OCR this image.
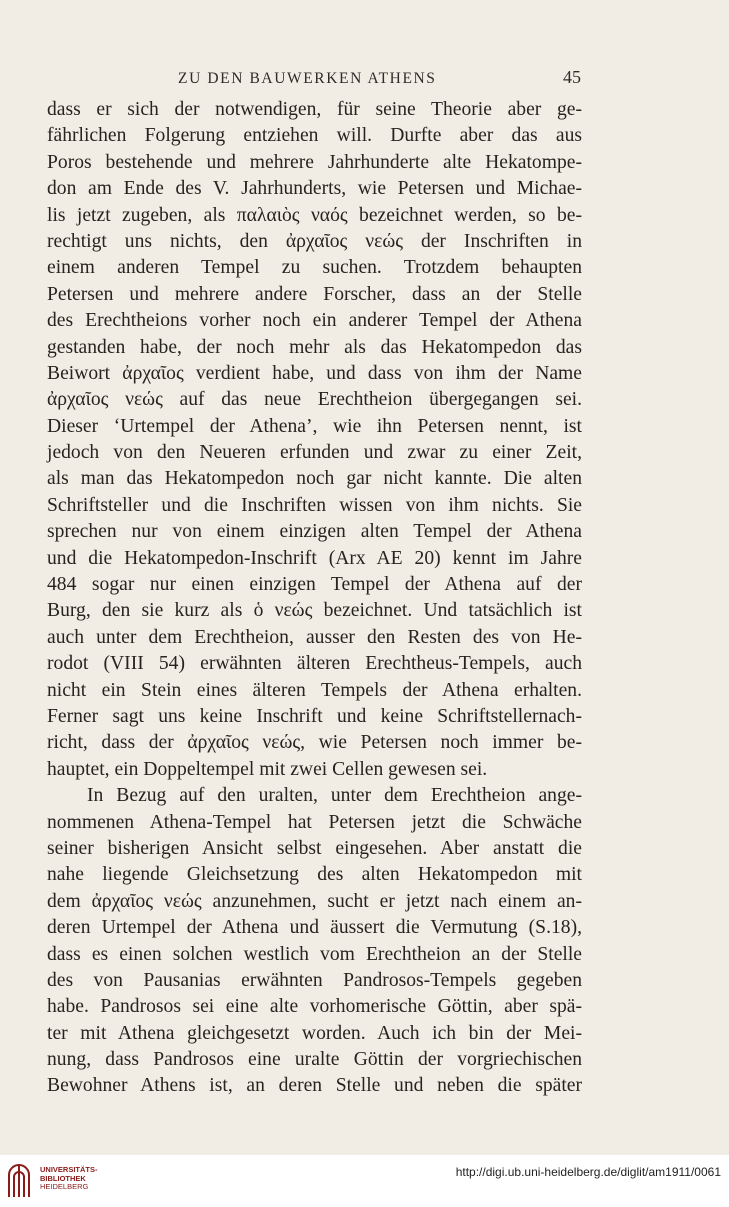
ZU DEN BAUWERKEN ATHENS	45
dass er sich der notwendigen, für seine Theorie aber ge-
fährlichen Folgerung entziehen will. Durfte aber das aus
Poros bestehende und mehrere Jahrhunderte alte Hekatompe-
don am Ende des V. Jahrhunderts, wie Petersen und Michae-
lis jetzt zugeben, als παλαιὸς ναός bezeichnet werden, so be-
rechtigt uns nichts, den ἀρχαῖος νεώς der Inschriften in
einem anderen Tempel zu suchen. Trotzdem behaupten
Petersen und mehrere andere Forscher, dass an der Stelle
des Erechtheions vorher noch ein anderer Tempel der Athena
gestanden habe, der noch mehr als das Hekatompedon das
Beiwort ἀρχαῖος verdient habe, und dass von ihm der Name
ἀρχαῖος νεώς auf das neue Erechtheion übergegangen sei.
Dieser ‘Urtempel der Athena’, wie ihn Petersen nennt, ist
jedoch von den Neueren erfunden und zwar zu einer Zeit,
als man das Hekatompedon noch gar nicht kannte. Die alten
Schriftsteller und die Inschriften wissen von ihm nichts. Sie
sprechen nur von einem einzigen alten Tempel der Athena
und die Hekatompedon-Inschrift (Arx AE 20) kennt im Jahre
484 sogar nur einen einzigen Tempel der Athena auf der
Burg, den sie kurz als ὁ νεώς bezeichnet. Und tatsächlich ist
auch unter dem Erechtheion, ausser den Resten des von He-
rodot (VIII 54) erwähnten älteren Erechtheus-Tempels, auch
nicht ein Stein eines älteren Tempels der Athena erhalten.
Ferner sagt uns keine Inschrift und keine Schriftstellernach-
richt, dass der ἀρχαῖος νεώς, wie Petersen noch immer be-
hauptet, ein Doppeltempel mit zwei Cellen gewesen sei.
In Bezug auf den uralten, unter dem Erechtheion ange-
nommenen Athena-Tempel hat Petersen jetzt die Schwäche
seiner bisherigen Ansicht selbst eingesehen. Aber anstatt die
nahe liegende Gleichsetzung des alten Hekatompedon mit
dem ἀρχαῖος νεώς anzunehmen, sucht er jetzt nach einem an-
deren Urtempel der Athena und äussert die Vermutung (S.18),
dass es einen solchen westlich vom Erechtheion an der Stelle
des von Pausanias erwähnten Pandrosos-Tempels gegeben
habe. Pandrosos sei eine alte vorhomerische Göttin, aber spä-
ter mit Athena gleichgesetzt worden. Auch ich bin der Mei-
nung, dass Pandrosos eine uralte Göttin der vorgriechischen
Bewohner Athens ist, an deren Stelle und neben die später
UNIVERSITÄTS-
BIBLIOTHEK
HEIDELBERG
http://digi.ub.uni-heidelberg.de/diglit/am1911/0061
